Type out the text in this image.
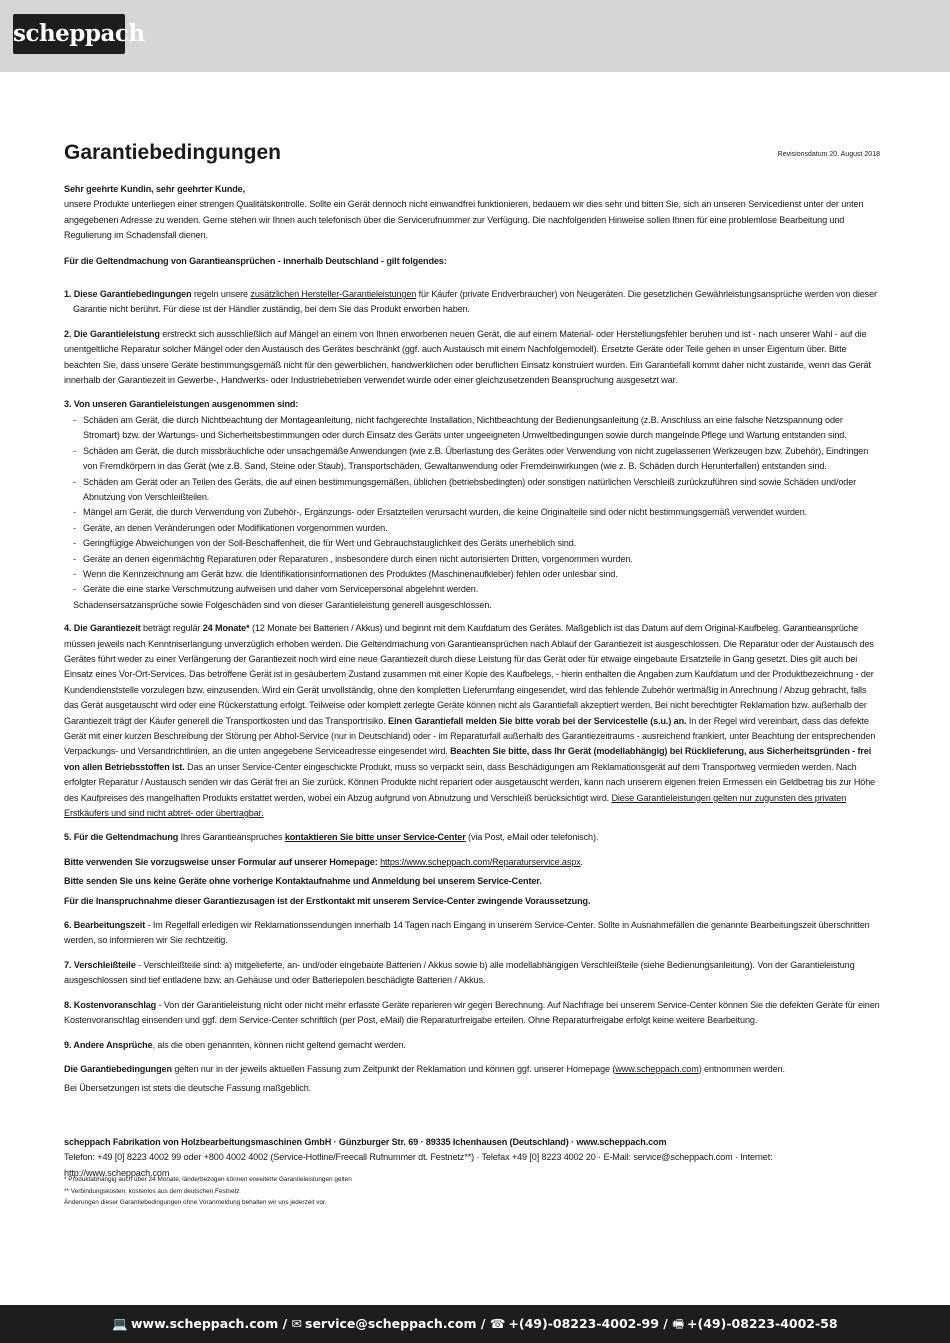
scheppach
Garantiebedingungen	Revisionsdatum 20. August 2018

Sehr geehrte Kundin, sehr geehrter Kunde,

unsere Produkte unterliegen einer strengen Qualitätskontrolle. Sollte ein Gerät dennoch nicht einwandfrei funktionieren, bedauern wir dies sehr und bitten Sie, sich an unseren Servicedienst unter der unten angegebenen Adresse zu wenden. Gerne stehen wir Ihnen auch telefonisch über die Servicerufnummer zur Verfügung. Die nachfolgenden Hinweise sollen Ihnen für eine problemlose Bearbeitung und Regulierung im Schadensfall dienen.

Für die Geltendmachung von Garantieansprüchen - innerhalb Deutschland - gilt folgendes:

1. Diese Garantiebedingungen regeln unsere zusätzlichen Hersteller-Garantieleistungen für Käufer (private Endverbraucher) von Neugeräten. Die gesetzlichen Gewährleistungsansprüche werden von dieser Garantie nicht berührt. Für diese ist der Händler zuständig, bei dem Sie das Produkt erworben haben.

2. Die Garantieleistung erstreckt sich ausschließlich auf Mängel an einem von Ihnen erworbenen neuen Gerät, die auf einem Material- oder Herstellungsfehler beruhen und ist - nach unserer Wahl - auf die unentgeltliche Reparatur solcher Mängel oder den Austausch des Gerätes beschränkt (ggf. auch Austausch mit einem Nachfolgemodell). Ersetzte Geräte oder Teile gehen in unser Eigentum über. Bitte beachten Sie, dass unsere Geräte bestimmungsgemäß nicht für den gewerblichen, handwerklichen oder beruflichen Einsatz konstruiert wurden. Ein Garantiefall kommt daher nicht zustande, wenn das Gerät innerhalb der Garantiezeit in Gewerbe-, Handwerks- oder Industriebetrieben verwendet wurde oder einer gleichzusetzenden Beanspruchung ausgesetzt war.

3. Von unseren Garantieleistungen ausgenommen sind:

- Schäden am Gerät, die durch Nichtbeachtung der Montageanleitung, nicht fachgerechte Installation, Nichtbeachtung der Bedienungsanleitung (z.B. Anschluss an eine falsche Netzspannung oder Stromart) bzw. der Wartungs- und Sicherheitsbestimmungen oder durch Einsatz des Geräts unter ungeeigneten Umweltbedingungen sowie durch mangelnde Pflege und Wartung entstanden sind.
- Schäden am Gerät, die durch missbräuchliche oder unsachgemäße Anwendungen (wie z.B. Überlastung des Gerätes oder Verwendung von nicht zugelassenen Werkzeugen bzw. Zubehör), Eindringen von Fremdkörpern in das Gerät (wie z.B. Sand, Steine oder Staub), Transportschäden, Gewaltanwendung oder Fremdeinwirkungen (wie z. B. Schäden durch Herunterfallen) entstanden sind.
- Schäden am Gerät oder an Teilen des Geräts, die auf einen bestimmungsgemäßen, üblichen (betriebsbedingten) oder sonstigen natürlichen Verschleiß zurückzuführen sind sowie Schäden und/oder Abnutzung von Verschleißteilen.
- Mängel am Gerät, die durch Verwendung von Zubehör-, Ergänzungs- oder Ersatzteilen verursacht wurden, die keine Originalteile sind oder nicht bestimmungsgemäß verwendet wurden.
- Geräte, an denen Veränderungen oder Modifikationen vorgenommen wurden.
- Geringfügige Abweichungen von der Soll-Beschaffenheit, die für Wert und Gebrauchstauglichkeit des Geräts unerheblich sind.
- Geräte an denen eigenmächtig Reparaturen oder Reparaturen , insbesondere durch einen nicht autorisierten Dritten, vorgenommen wurden.
- Wenn die Kennzeichnung am Gerät bzw. die Identifikationsinformationen des Produktes (Maschinenaufkleber) fehlen oder unlesbar sind.
- Geräte die eine starke Verschmutzung aufweisen und daher vom Servicepersonal abgelehnt werden.

Schadensersatzansprüche sowie Folgeschäden sind von dieser Garantieleistung generell ausgeschlossen.

4. Die Garantiezeit beträgt regulär 24 Monate* (12 Monate bei Batterien / Akkus) und beginnt mit dem Kaufdatum des Gerätes. Maßgeblich ist das Datum auf dem Original-Kaufbeleg. Garantieansprüche müssen jeweils nach Kenntniserlangung unverzüglich erhoben werden. Die Geltendmachung von Garantieansprüchen nach Ablauf der Garantiezeit ist ausgeschlossen. Die Reparatur oder der Austausch des Gerätes führt weder zu einer Verlängerung der Garantiezeit noch wird eine neue Garantiezeit durch diese Leistung für das Gerät oder für etwaige eingebaute Ersatzteile in Gang gesetzt. Dies gilt auch bei Einsatz eines Vor-Ort-Services. Das betroffene Gerät ist in gesäubertem Zustand zusammen mit einer Kopie des Kaufbelegs, - hierin enthalten die Angaben zum Kaufdatum und der Produktbezeichnung - der Kundendienststelle vorzulegen bzw. einzusenden. Wird ein Gerät unvollständig, ohne den kompletten Lieferumfang eingesendet, wird das fehlende Zubehör wertmäßig in Anrechnung / Abzug gebracht, falls das Gerät ausgetauscht wird oder eine Rückerstattung erfolgt. Teilweise oder komplett zerlegte Geräte können nicht als Garantiefall akzeptiert werden. Bei nicht berechtigter Reklamation bzw. außerhalb der Garantiezeit trägt der Käufer generell die Transportkosten und das Transportrisiko. Einen Garantiefall melden Sie bitte vorab bei der Servicestelle (s.u.) an. In der Regel wird vereinbart, dass das defekte Gerät mit einer kurzen Beschreibung der Störung per Abhol-Service (nur in Deutschland) oder - im Reparaturfall außerhalb des Garantiezeitraums - ausreichend frankiert, unter Beachtung der entsprechenden Verpackungs- und Versandrichtlinien, an die unten angegebene Serviceadresse eingesendet wird. Beachten Sie bitte, dass Ihr Gerät (modellabhängig) bei Rücklieferung, aus Sicherheitsgründen - frei von allen Betriebsstoffen ist. Das an unser Service-Center eingeschickte Produkt, muss so verpackt sein, dass Beschädigungen am Reklamationsgerät auf dem Transportweg vermieden werden. Nach erfolgter Reparatur / Austausch senden wir das Gerät frei an Sie zurück. Können Produkte nicht repariert oder ausgetauscht werden, kann nach unserem eigenen freien Ermessen ein Geldbetrag bis zur Höhe des Kaufpreises des mangelhaften Produkts erstattet werden, wobei ein Abzug aufgrund von Abnutzung und Verschleiß berücksichtigt wird. Diese Garantieleistungen gelten nur zugunsten des privaten Erstkäufers und sind nicht abtret- oder übertragbar.

5. Für die Geltendmachung Ihres Garantieanspruches kontaktieren Sie bitte unser Service-Center (via Post, eMail oder telefonisch).

Bitte verwenden Sie vorzugsweise unser Formular auf unserer Homepage: https://www.scheppach.com/Reparaturservice.aspx.

Bitte senden Sie uns keine Geräte ohne vorherige Kontaktaufnahme und Anmeldung bei unserem Service-Center.

Für die Inanspruchnahme dieser Garantiezusagen ist der Erstkontakt mit unserem Service-Center zwingende Voraussetzung.

6. Bearbeitungszeit - Im Regelfall erledigen wir Reklamationssendungen innerhalb 14 Tagen nach Eingang in unserem Service-Center. Sollte in Ausnahmefällen die genannte Bearbeitungszeit überschritten werden, so informieren wir Sie rechtzeitig.

7. Verschleißteile - Verschleißteile sind: a) mitgelieferte, an- und/oder eingebaute Batterien / Akkus sowie b) alle modellabhängigen Verschleißteile (siehe Bedienungsanleitung). Von der Garantieleistung ausgeschlossen sind tief entladene bzw. an Gehäuse und oder Batteriepolen beschädigte Batterien / Akkus.

8. Kostenvoranschlag - Von der Garantieleistung nicht oder nicht mehr erfasste Geräte reparieren wir gegen Berechnung. Auf Nachfrage bei unserem Service-Center können Sie die defekten Geräte für einen Kostenvoranschlag einsenden und ggf. dem Service-Center schriftlich (per Post, eMail) die Reparaturfreigabe erteilen. Ohne Reparaturfreigabe erfolgt keine weitere Bearbeitung.

9. Andere Ansprüche, als die oben genannten, können nicht geltend gemacht werden.

Die Garantiebedingungen gelten nur in der jeweils aktuellen Fassung zum Zeitpunkt der Reklamation und können ggf. unserer Homepage (www.scheppach.com) entnommen werden.

Bei Übersetzungen ist stets die deutsche Fassung maßgeblich.

scheppach Fabrikation von Holzbearbeitungsmaschinen GmbH · Günzburger Str. 69 · 89335 Ichenhausen (Deutschland) · www.scheppach.com

Telefon: +49 [0] 8223 4002 99 oder +800 4002 4002 (Service-Hotline/Freecall Rufnummer dt. Festnetz**) · Telefax +49 [0] 8223 4002 20 · E-Mail: service@scheppach.com · Internet: http://www.scheppach.com

* Produktabhängig auch über 24 Monate; länderbezogen können erweiterte Garantieleistungen gelten
** Verbindungskosten: kostenlos aus dem deutschen Festnetz
Änderungen dieser Garantiebedingungen ohne Voranmeldung behalten wir uns jederzeit vor.
💻 www.scheppach.com / ✉ service@scheppach.com / ☎ +(49)-08223-4002-99 / 🖷 +(49)-08223-4002-58
